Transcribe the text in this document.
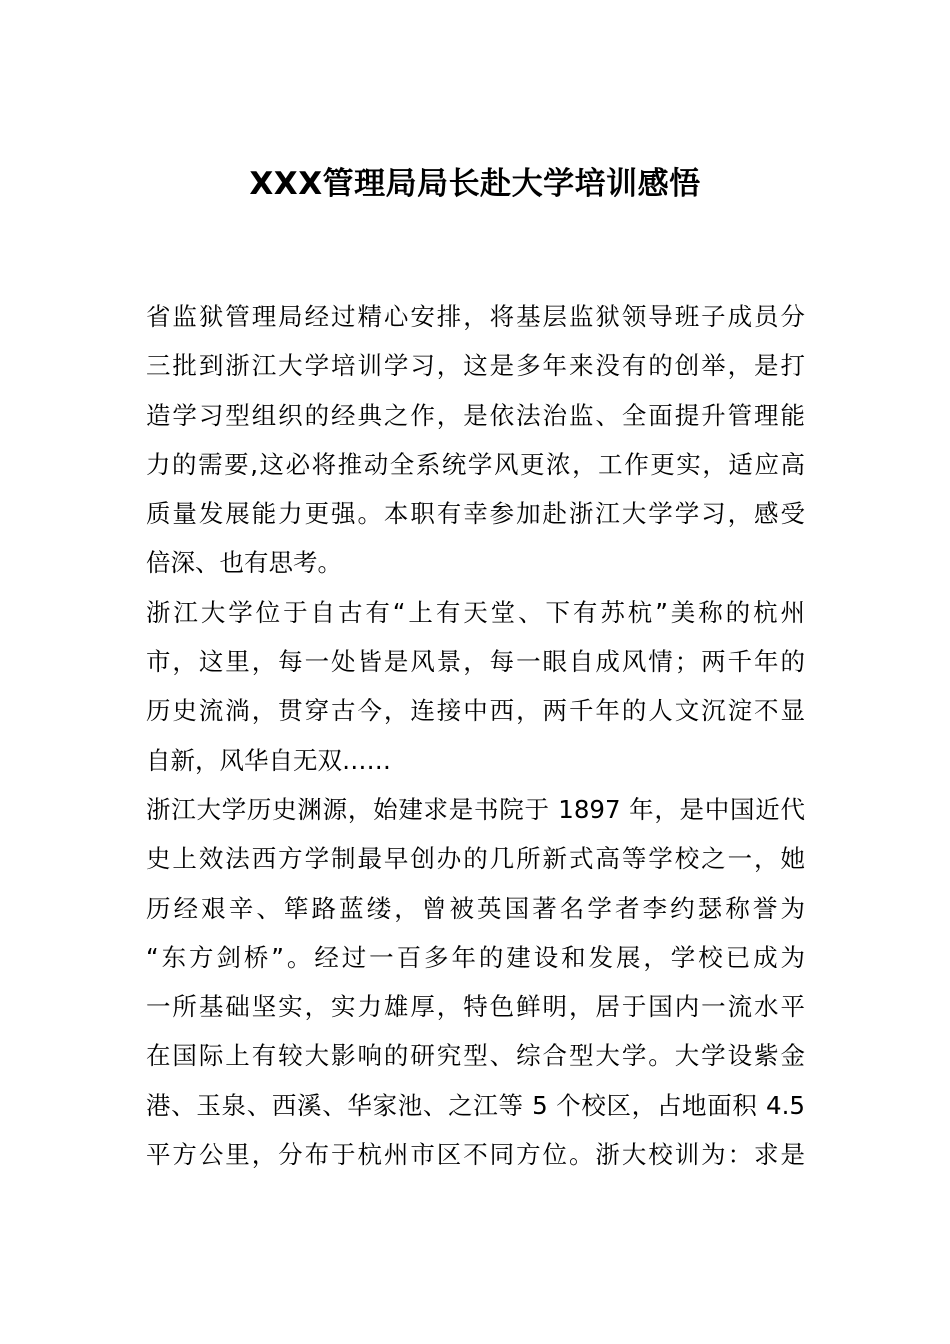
XXX管理局局长赴大学培训感悟
省监狱管理局经过精心安排，将基层监狱领导班子成员分
三批到浙江大学培训学习，这是多年来没有的创举，是打
造学习型组织的经典之作，是依法治监、全面提升管理能
力的需要,这必将推动全系统学风更浓，工作更实，适应高
质量发展能力更强。本职有幸参加赴浙江大学学习，感受
倍深、也有思考。
浙江大学位于自古有“上有天堂、下有苏杭”美称的杭州
市，这里，每一处皆是风景，每一眼自成风情；两千年的
历史流淌，贯穿古今，连接中西，两千年的人文沉淀不显
自新，风华自无双……
浙江大学历史渊源，始建求是书院于 1897 年，是中国近代
史上效法西方学制最早创办的几所新式高等学校之一，她
历经艰辛、筚路蓝缕，曾被英国著名学者李约瑟称誉为
“东方剑桥”。经过一百多年的建设和发展，学校已成为
一所基础坚实，实力雄厚，特色鲜明，居于国内一流水平
在国际上有较大影响的研究型、综合型大学。大学设紫金
港、玉泉、西溪、华家池、之江等 5 个校区，占地面积 4.5
平方公里，分布于杭州市区不同方位。浙大校训为：求是
